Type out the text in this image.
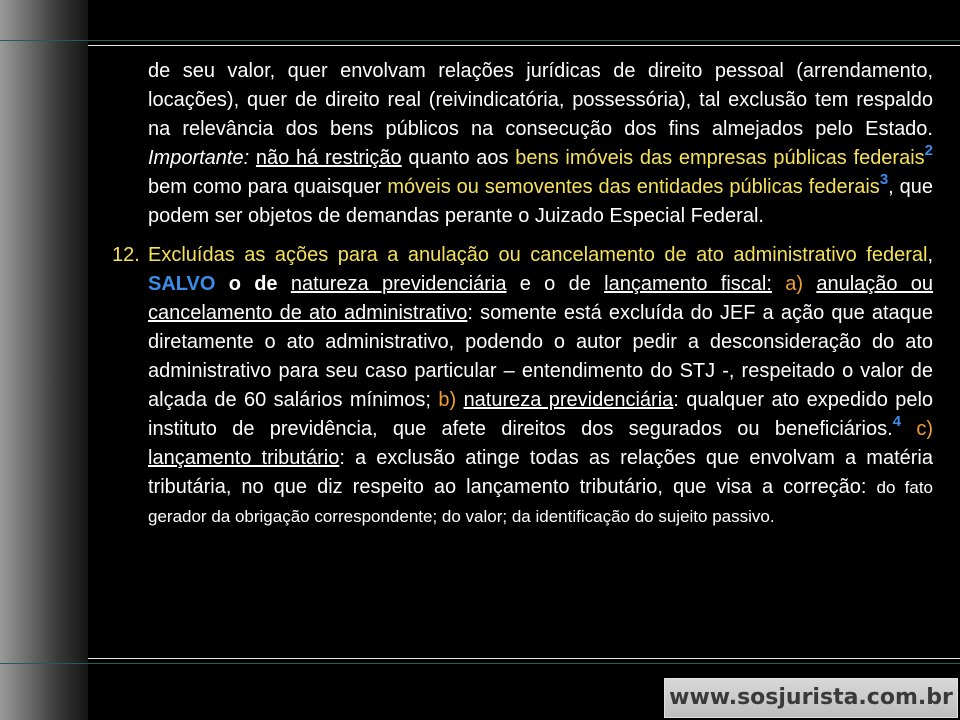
de seu valor, quer envolvam relações jurídicas de direito pessoal (arrendamento, locações), quer de direito real (reivindicatória, possessória), tal exclusão tem respaldo na relevância dos bens públicos na consecução dos fins almejados pelo Estado. Importante: não há restrição quanto aos bens imóveis das empresas públicas federais$^2$ bem como para quaisquer móveis ou semoventes das entidades públicas federais$^3$, que podem ser objetos de demandas perante o Juizado Especial Federal.

12. Excluídas as ações para a anulação ou cancelamento de ato administrativo federal, SALVO o de natureza previdenciária e o de lançamento fiscal: a) anulação ou cancelamento de ato administrativo: somente está excluída do JEF a ação que ataque diretamente o ato administrativo, podendo o autor pedir a desconsideração do ato administrativo para seu caso particular – entendimento do STJ -, respeitado o valor de alçada de 60 salários mínimos; b) natureza previdenciária: qualquer ato expedido pelo instituto de previdência, que afete direitos dos segurados ou beneficiários.$^4$ c) lançamento tributário: a exclusão atinge todas as relações que envolvam a matéria tributária, no que diz respeito ao lançamento tributário, que visa a correção: do fato gerador da obrigação correspondente; do valor; da identificação do sujeito passivo.

www.sosjurista.com.br
